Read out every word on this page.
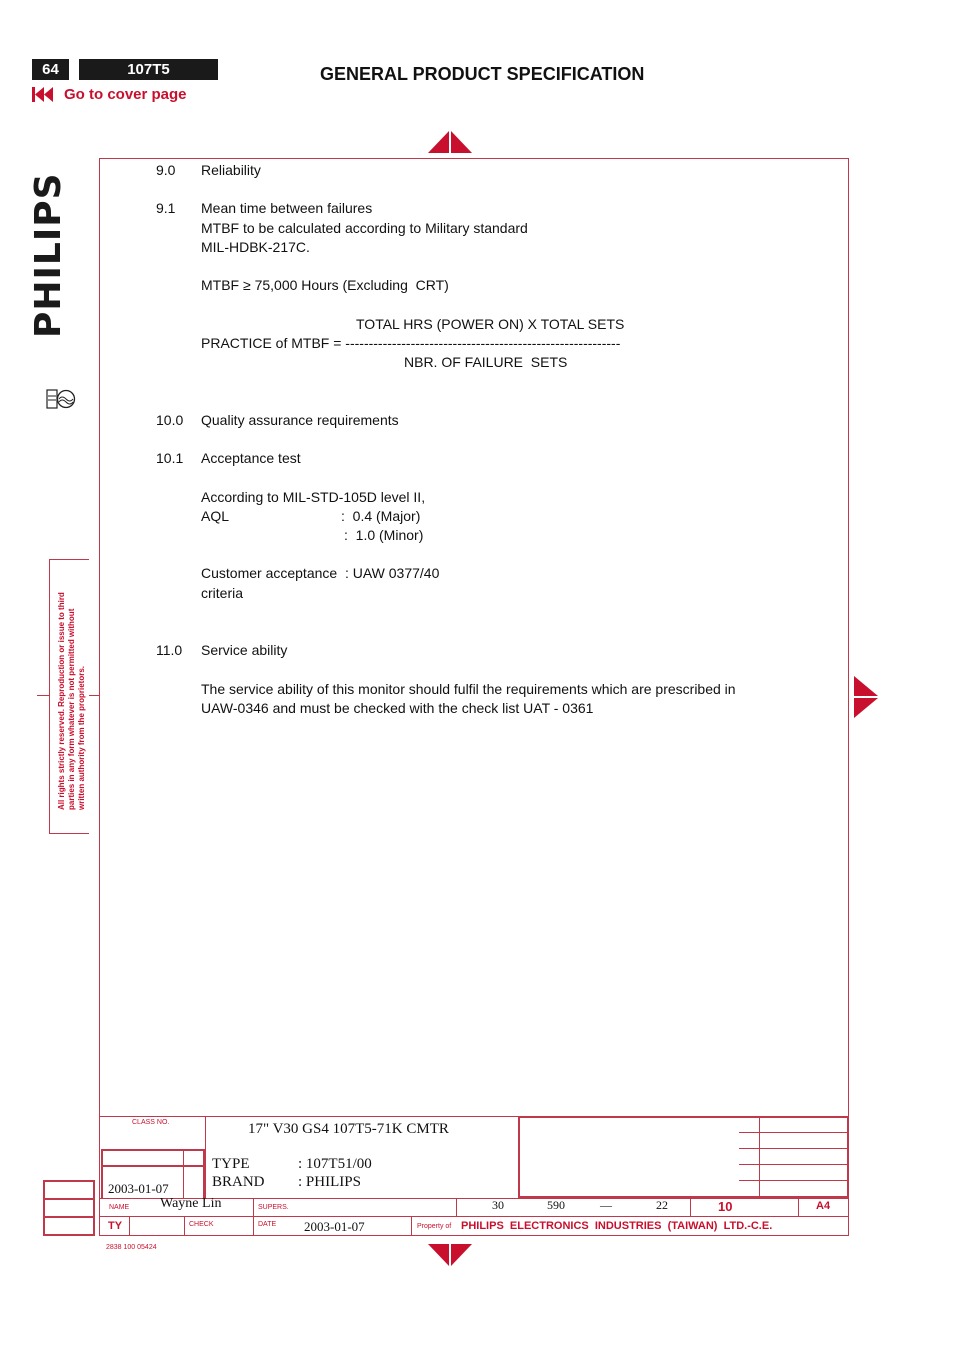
64	107T5
Go to cover page
GENERAL PRODUCT SPECIFICATION
PHILIPS
All rights strictly reserved. Reproduction or issue to third parties in any form whatever is not permitted without written authority from the proprietors.
9.0 Reliability
9.1 Mean time between failures
MTBF to be calculated according to Military standard
MIL-HDBK-217C.
MTBF ≥ 75,000 Hours (Excluding  CRT)
TOTAL HRS (POWER ON) X TOTAL SETS
PRACTICE of MTBF = -----------------------------------------------------------
NBR. OF FAILURE  SETS
10.0 Quality assurance requirements
10.1 Acceptance test
According to MIL-STD-105D level II,
AQL	:  0.4 (Major)
:  1.0 (Minor)
Customer acceptance  : UAW 0377/40
criteria
11.0 Service ability
The service ability of this monitor should fulfil the requirements which are prescribed in
UAW-0346 and must be checked with the check list UAT - 0361
CLASS NO.	17" V30 GS4 107T5-71K CMTR
TYPE	: 107T51/00
BRAND : PHILIPS
2003-01-07
NAME Wayne Lin	SUPERS.	30	590	—	22	10	A4
TY	CHECK	DATE 2003-01-07	Property of PHILIPS  ELECTRONICS  INDUSTRIES  (TAIWAN)  LTD.-C.E.
2838 100 05424
